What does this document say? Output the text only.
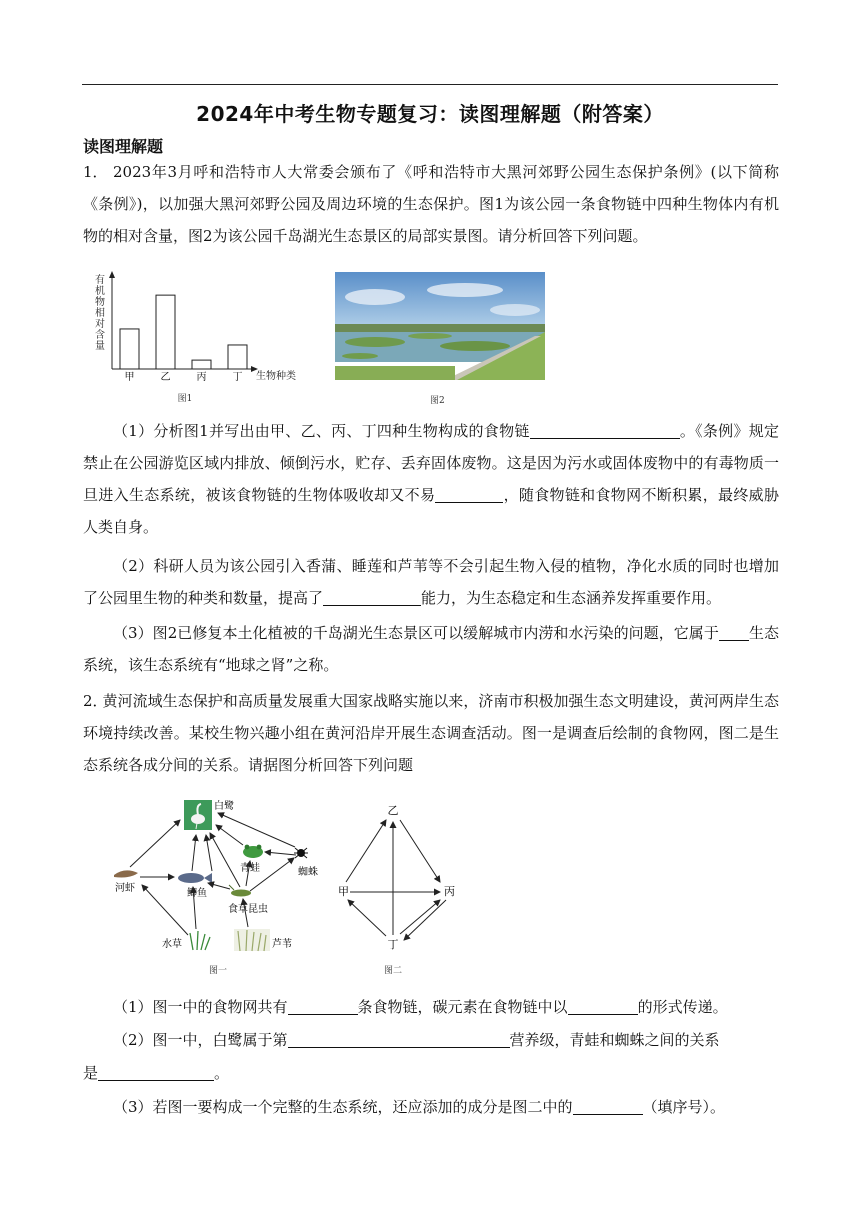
2024年中考生物专题复习：读图理解题（附答案）
读图理解题
1． 2023年3月呼和浩特市人大常委会颁布了《呼和浩特市大黑河郊野公园生态保护条例》(以下简称《条例》)，以加强大黑河郊野公园及周边环境的生态保护。图1为该公园一条食物链中四种生物体内有机物的相对含量，图2为该公园千岛湖光生态景区的局部实景图。请分析回答下列问题。
有机物相对含量
甲	乙	丙	丁 生物种类
图1	图2
（1）分析图1并写出由甲、乙、丙、丁四种生物构成的食物链	。《条例》规定禁止在公园游览区域内排放、倾倒污水，贮存、丢弃固体废物。这是因为污水或固体废物中的有毒物质一旦进入生态系统，被该食物链的生物体吸收却又不易	，随食物链和食物网不断积累，最终威胁人类自身。
（2）科研人员为该公园引入香蒲、睡莲和芦苇等不会引起生物入侵的植物，净化水质的同时也增加了公园里生物的种类和数量，提高了	能力，为生态稳定和生态涵养发挥重要作用。
（3）图2已修复本土化植被的千岛湖光生态景区可以缓解城市内涝和水污染的问题，它属于 生态系统，该生态系统有“地球之肾”之称。
2．黄河流域生态保护和高质量发展重大国家战略实施以来，济南市积极加强生态文明建设，黄河两岸生态环境持续改善。某校生物兴趣小组在黄河沿岸开展生态调查活动。图一是调查后绘制的食物网，图二是生态系统各成分间的关系。请据图分析回答下列问题
白鹭
青蛙	蜘蛛
河虾	鲫鱼
食草昆虫
水草	芦苇
图一
乙
甲	丙
丁
图二
（1）图一中的食物网共有	条食物链，碳元素在食物链中以	的形式传递。
（2）图一中，白鹭属于第	营养级，青蛙和蜘蛛之间的关系
是	。
（3）若图一要构成一个完整的生态系统，还应添加的成分是图二中的	（填序号）。
